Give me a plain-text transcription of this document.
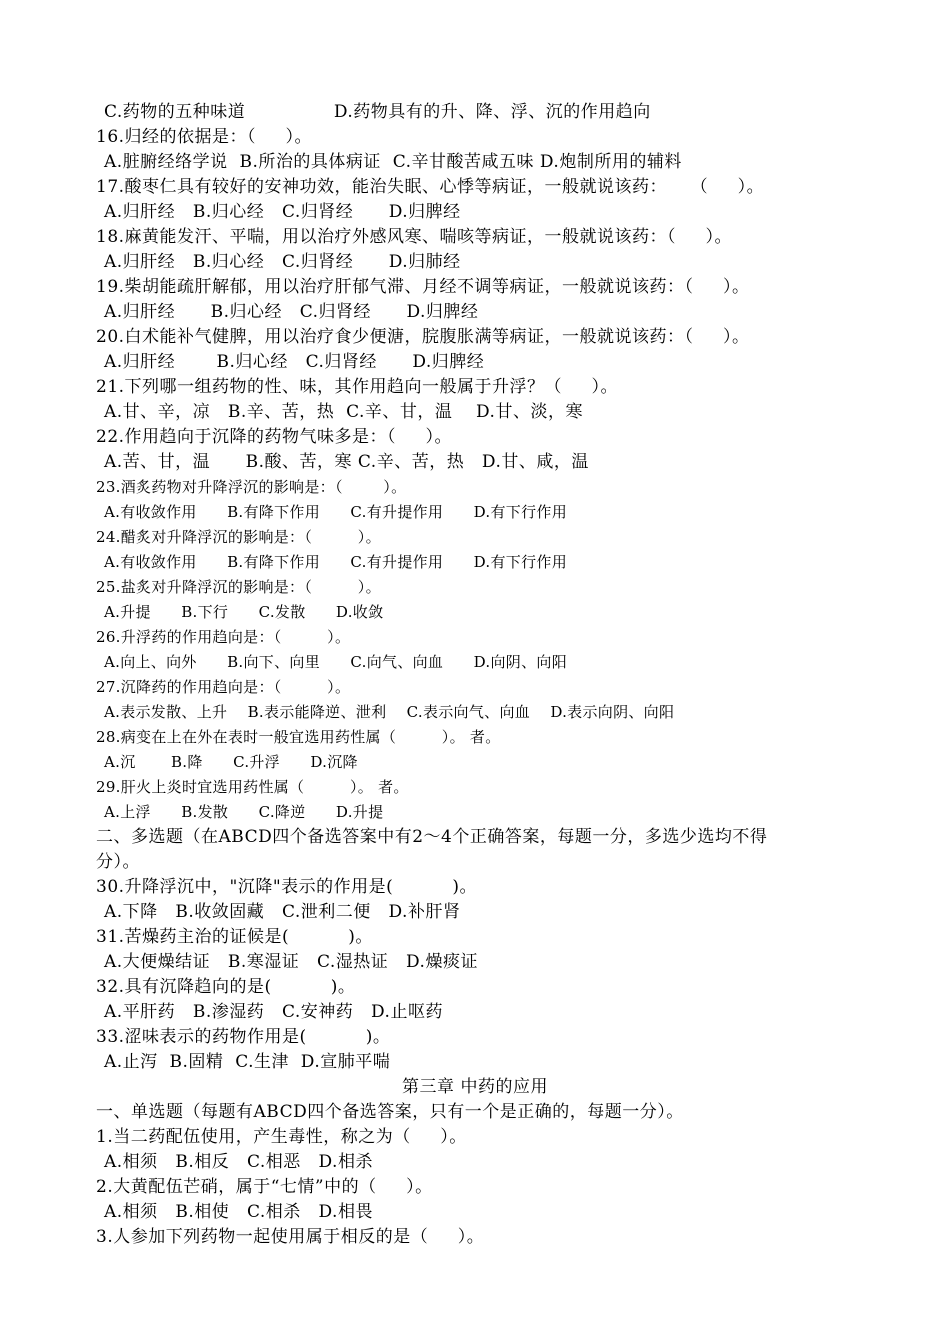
C.药物的五种味道               D.药物具有的升、降、浮、沉的作用趋向
16.归经的依据是：（     ）。
A.脏腑经络学说  B.所治的具体病证  C.辛甘酸苦咸五味 D.炮制所用的辅料
17.酸枣仁具有较好的安神功效，能治失眠、心悸等病证，一般就说该药：    （     ）。
A.归肝经   B.归心经   C.归肾经      D.归脾经
18.麻黄能发汗、平喘，用以治疗外感风寒、喘咳等病证，一般就说该药：（     ）。
A.归肝经   B.归心经   C.归肾经      D.归肺经
19.柴胡能疏肝解郁，用以治疗肝郁气滞、月经不调等病证，一般就说该药：（     ）。
A.归肝经      B.归心经   C.归肾经      D.归脾经
20.白术能补气健脾，用以治疗食少便溏，脘腹胀满等病证，一般就说该药：（     ）。
A.归肝经       B.归心经   C.归肾经      D.归脾经
21.下列哪一组药物的性、味，其作用趋向一般属于升浮？（     ）。
A.甘、辛，凉   B.辛、苦，热  C.辛、甘，温    D.甘、淡，寒
22.作用趋向于沉降的药物气味多是：（     ）。
A.苦、甘，温      B.酸、苦，寒 C.辛、苦，热   D.甘、咸，温
23.酒炙药物对升降浮沉的影响是：（        ）。
A.有收敛作用      B.有降下作用      C.有升提作用      D.有下行作用
24.醋炙对升降浮沉的影响是：（         ）。
A.有收敛作用      B.有降下作用      C.有升提作用      D.有下行作用
25.盐炙对升降浮沉的影响是：（         ）。
A.升提      B.下行      C.发散      D.收敛
26.升浮药的作用趋向是：（         ）。
A.向上、向外      B.向下、向里      C.向气、向血      D.向阴、向阳
27.沉降药的作用趋向是：（         ）。
A.表示发散、上升    B.表示能降逆、泄利    C.表示向气、向血    D.表示向阴、向阳
28.病变在上在外在表时一般宜选用药性属（         ）。 者。
A.沉       B.降      C.升浮      D.沉降
29.肝火上炎时宜选用药性属（         ）。 者。
A.上浮      B.发散      C.降逆      D.升提
二、多选题（在ABCD四个备选答案中有2～4个正确答案，每题一分，多选少选均不得
分）。
30.升降浮沉中，"沉降"表示的作用是(          )。
A.下降   B.收敛固藏   C.泄利二便   D.补肝肾
31.苦燥药主治的证候是(          )。
A.大便燥结证   B.寒湿证   C.湿热证   D.燥痰证
32.具有沉降趋向的是(          )。
A.平肝药   B.渗湿药   C.安神药   D.止呕药
33.涩味表示的药物作用是(          )。
A.止泻  B.固精  C.生津  D.宣肺平喘
第三章 中药的应用
一、单选题（每题有ABCD四个备选答案，只有一个是正确的，每题一分）。
1.当二药配伍使用，产生毒性，称之为（     ）。
A.相须   B.相反   C.相恶   D.相杀
2.大黄配伍芒硝，属于“七情”中的（     ）。
A.相须   B.相使   C.相杀   D.相畏
3.人参加下列药物一起使用属于相反的是（     ）。
